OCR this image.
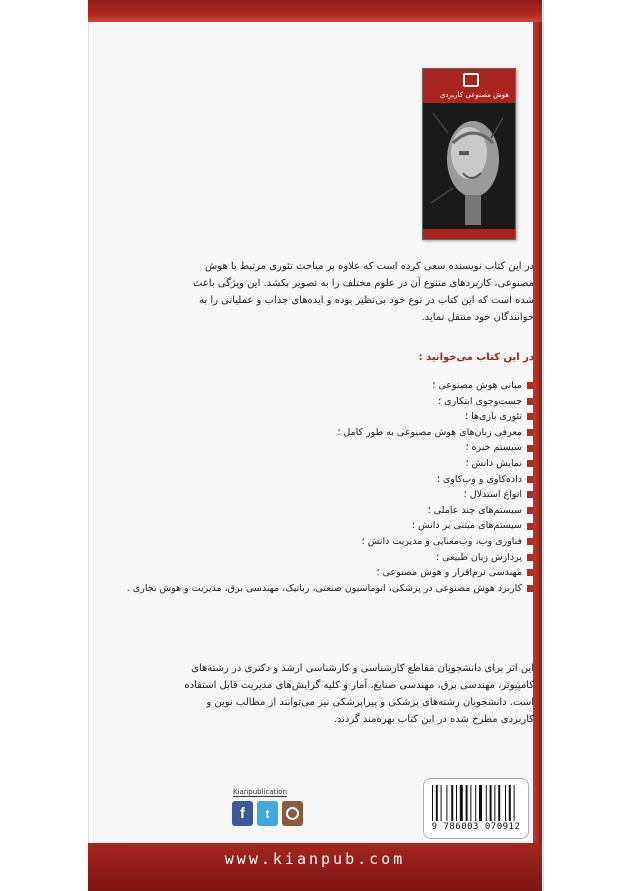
هوش مصنوعی کاربردی
در این کتاب نویسنده سعی کرده است که علاوه بر مباحث تئوری مرتبط با هوش مصنوعی، کاربردهای متنوع آن در علوم مختلف را به تصویر بکشد. این ویژگی باعث شده است که این کتاب در نوع خود بی‌نظیر بوده و ایده‌های جذاب و عملیاتی را به خوانندگان خود منتقل نماید.
در این کتاب می‌خوانید :
مبانی هوش مصنوعی ؛
جست‌وجوی ابتکاری ؛
تئوری بازی‌ها ؛
معرفی زبان‌های هوش مصنوعی به طور کامل ؛
سیستم خبره ؛
نمایش دانش ؛
داده‌کاوی و وب‌کاوی ؛
انواع استدلال ؛
سیستم‌های چند عاملی ؛
سیستم‌های مبتنی بر دانش ؛
فناوری وب، وب‌معنایی و مدیریت دانش ؛
پردازش زبان طبیعی ؛
مهندسی نرم‌افزار و هوش مصنوعی ؛
کاربرد هوش مصنوعی در پزشکی، اتوماسیون صنعتی، رباتیک، مهندسی برق، مدیریت و هوش تجاری .
این اثر برای دانشجویان مقاطع کارشناسی و کارشناسی ارشد و دکتری در رشته‌های کامپیوتر، مهندسی برق، مهندسی صنایع، آمار و کلیه گرایش‌های مدیریت قابل استفاده است. دانشجویان رشته‌های پزشکی و پیراپزشکی نیز می‌توانند از مطالب نوین و کاربردی مطرح شده در این کتاب بهره‌مند گردند.
Kianpublication
f	t
9 786003 070912
www.kianpub.com
